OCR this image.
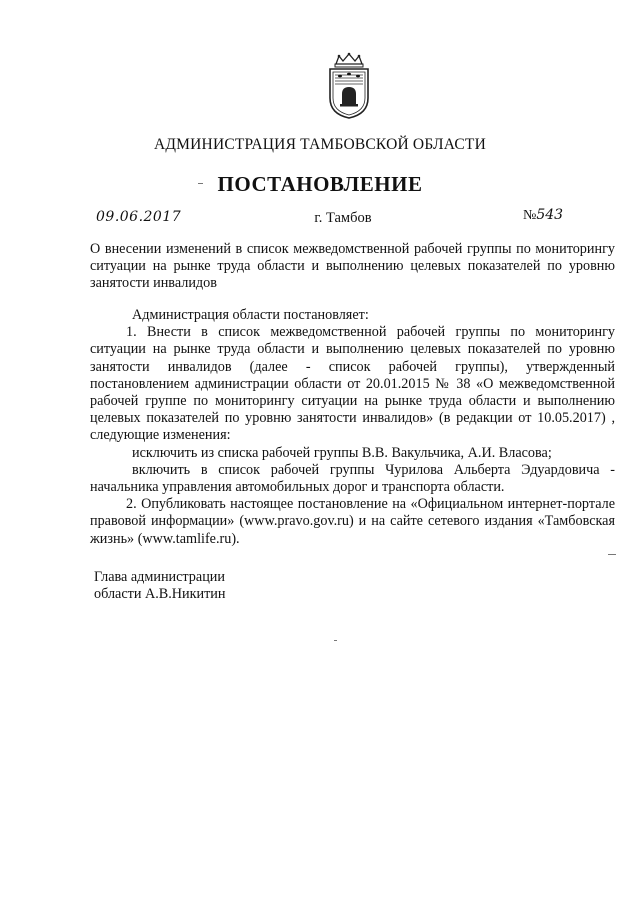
АДМИНИСТРАЦИЯ ТАМБОВСКОЙ ОБЛАСТИ
ПОСТАНОВЛЕНИЕ
09.06.2017	г. Тамбов	№543
О внесении изменений в список межведомственной рабочей группы по мониторингу ситуации на рынке труда области и выполнению целевых показателей по уровню занятости инвалидов

Администрация области постановляет:

1. Внести в список межведомственной рабочей группы по мониторингу ситуации на рынке труда области и выполнению целевых показателей по уровню занятости инвалидов (далее - список рабочей группы), утвержденный постановлением администрации области от 20.01.2015 № 38 «О межведомственной рабочей группе по мониторингу ситуации на рынке труда области и выполнению целевых показателей по уровню занятости инвалидов» (в редакции от 10.05.2017) , следующие изменения:

исключить из списка рабочей группы В.В. Вакульчика, А.И. Власова;

включить в список рабочей группы Чурилова Альберта Эдуардовича - начальника управления автомобильных дорог и транспорта области.

2. Опубликовать настоящее постановление на «Официальном интернет-портале правовой информации» (www.pravo.gov.ru) и на сайте сетевого издания «Тамбовская жизнь» (www.tamlife.ru).

Глава администрации
области А.В.Никитин
